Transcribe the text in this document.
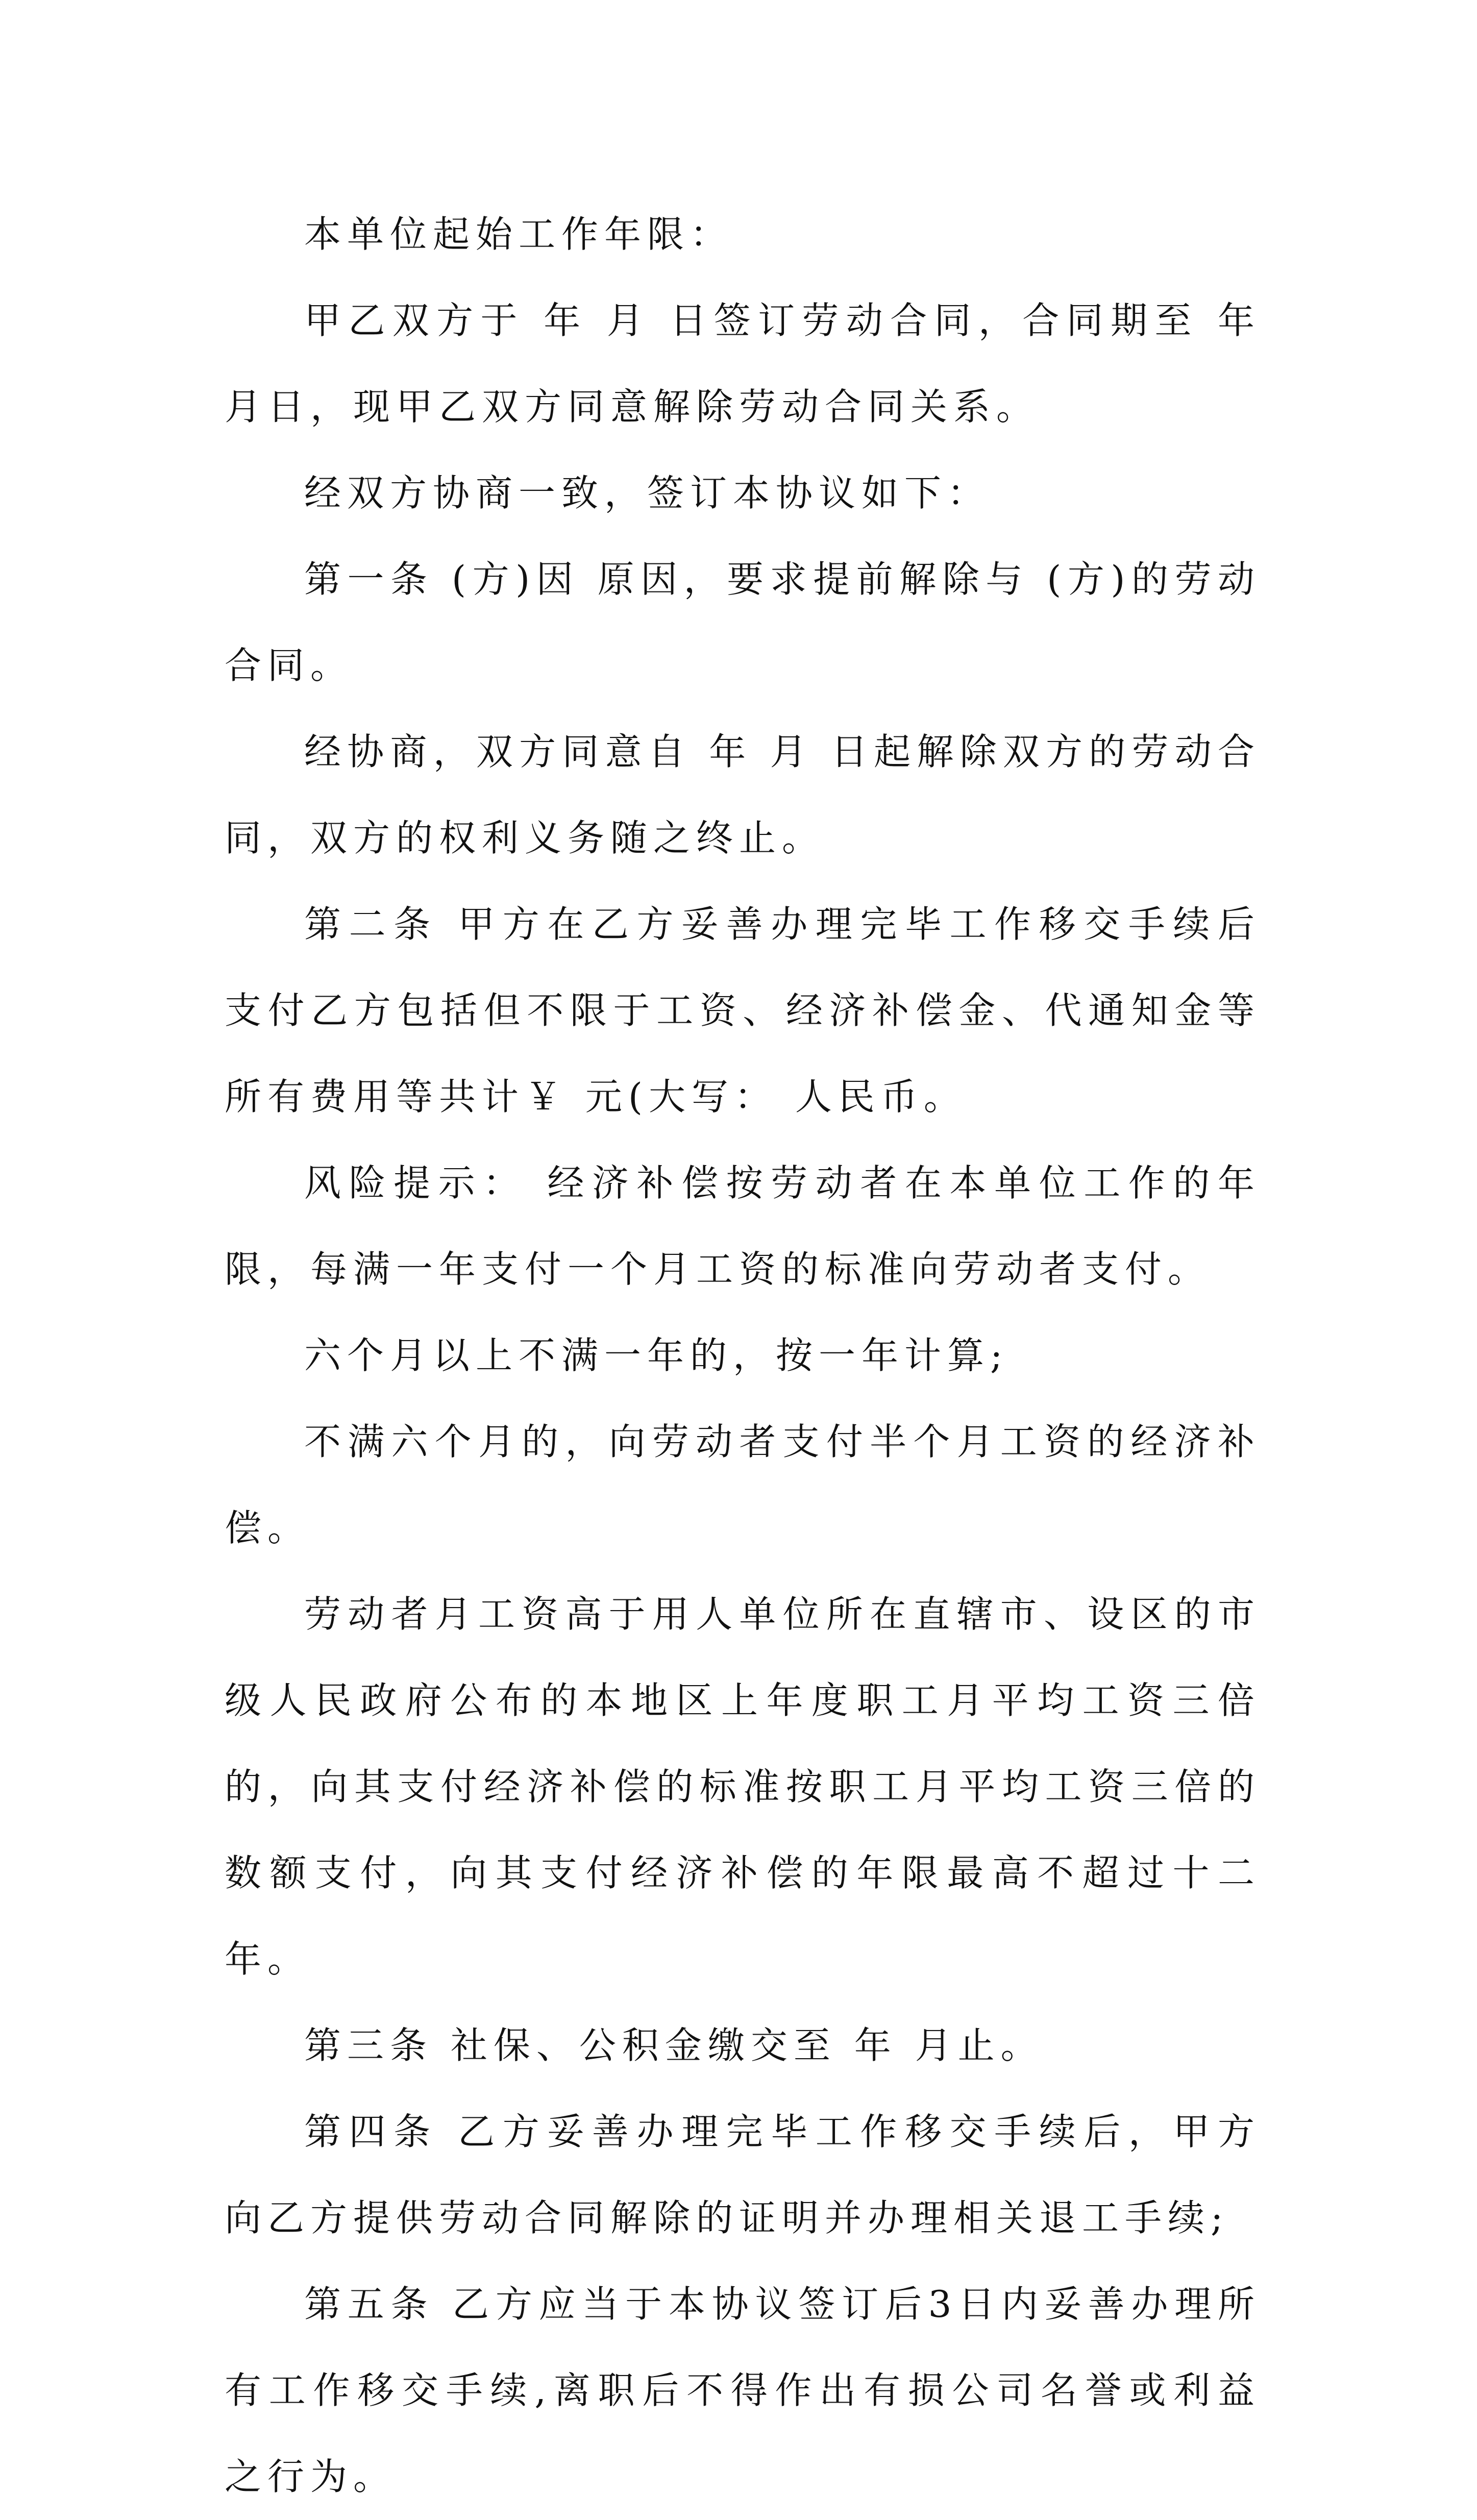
本单位起始工作年限：

甲乙双方于 年 月 日签订劳动合同，合同期至 年 月日，现甲乙双方同意解除劳动合同关系。

经双方协商一致，签订本协议如下：

第一条 (方)因 原因，要求提前解除与 (方)的劳动合同。

经协商，双方同意自 年 月 日起解除双方的劳动合同，双方的权利义务随之终止。

第二条 甲方在乙方妥善办理完毕工作移交手续后支付乙方包括但不限于工资、经济补偿金、代通知金等所有费用等共计￥ 元(大写： 人民币。

风险提示： 经济补偿按劳动者在本单位工作的年限，每满一年支付一个月工资的标准向劳动者支付。

六个月以上不满一年的，按一年计算;

不满六个月的，向劳动者支付半个月工资的经济补偿。

劳动者月工资高于用人单位所在直辖市、设区的市级人民政府公布的本地区上年度职工月平均工资三倍的，向其支付经济补偿的标准按职工月平均工资三倍的数额支付，向其支付经济补偿的年限最高不超过十二年。

第三条 社保、公积金缴交至 年 月止。

第四条 乙方妥善办理完毕工作移交手续后，甲方向乙方提供劳动合同解除的证明并办理相关退工手续;

第五条 乙方应当于本协议签订后3日内妥善办理所有工作移交手续,离职后不得作出有损公司名誉或利益之行为。
